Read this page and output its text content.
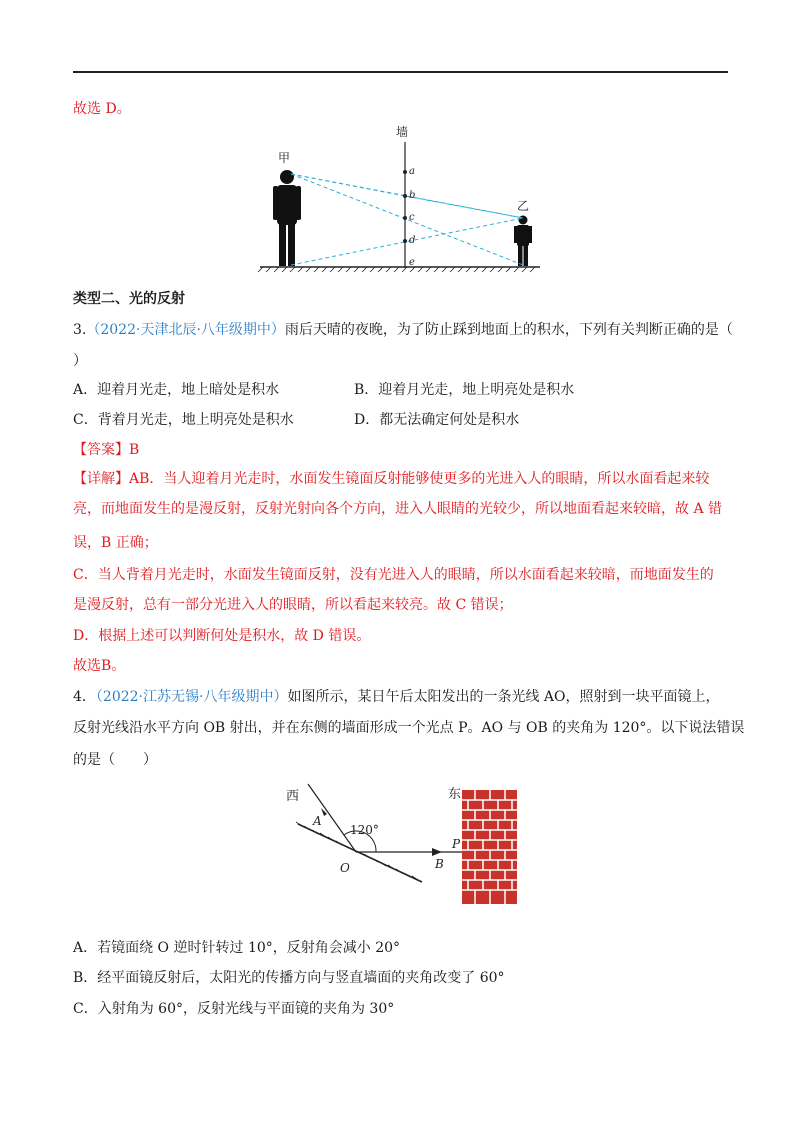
故选 D。
墙
甲
乙
a
b
c
d
e
类型二、光的反射
3.（2022·天津北辰·八年级期中）雨后天晴的夜晚，为了防止踩到地面上的积水，下列有关判断正确的是（
）
A．迎着月光走，地上暗处是积水	B．迎着月光走，地上明亮处是积水
C．背着月光走，地上明亮处是积水	D．都无法确定何处是积水
【答案】B
【详解】AB．当人迎着月光走时，水面发生镜面反射能够使更多的光进入人的眼睛，所以水面看起来较
亮，而地面发生的是漫反射，反射光射向各个方向，进入人眼睛的光较少，所以地面看起来较暗，故 A 错
误，B 正确；
C．当人背着月光走时，水面发生镜面反射，没有光进入人的眼睛，所以水面看起来较暗，而地面发生的
是漫反射，总有一部分光进入人的眼睛，所以看起来较亮。故 C 错误；
D．根据上述可以判断何处是积水，故 D 错误。
故选B。
4．（2022·江苏无锡·八年级期中）如图所示，某日午后太阳发出的一条光线 AO，照射到一块平面镜上，
反射光线沿水平方向 OB 射出，并在东侧的墙面形成一个光点 P。AO 与 OB 的夹角为 120°。以下说法错误
的是（　　）
西	东
A
B
P
O
120°
A．若镜面绕 O 逆时针转过 10°，反射角会减小 20°
B．经平面镜反射后，太阳光的传播方向与竖直墙面的夹角改变了 60°
C．入射角为 60°，反射光线与平面镜的夹角为 30°
